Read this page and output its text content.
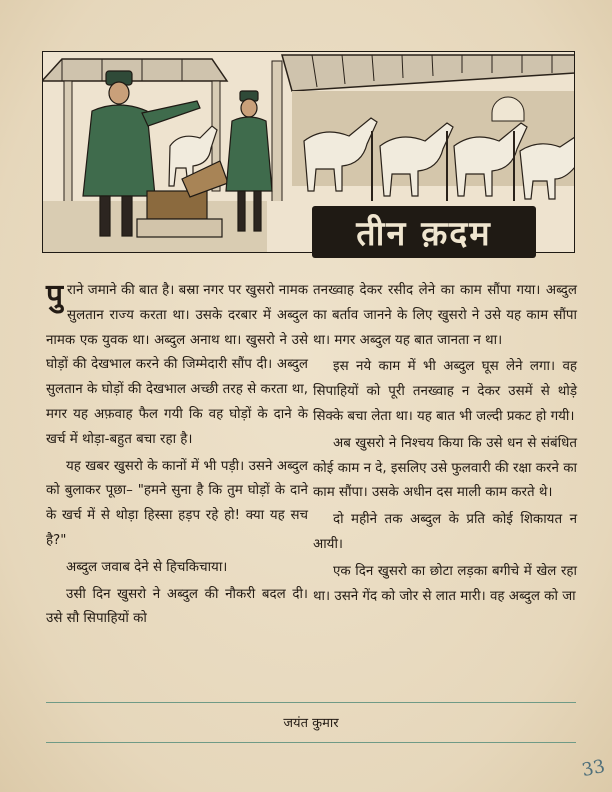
तीन क़दम

पुराने जमाने की बात है। बस्रा नगर पर खुसरो नामक सुलतान राज्य करता था। उसके दरबार में अब्दुल नामक एक युवक था। अब्दुल अनाथ था। खुसरो ने उसे घोड़ों की देखभाल करने की जिम्मेदारी सौंप दी। अब्दुल सुलतान के घोड़ों की देखभाल अच्छी तरह से करता था, मगर यह अफ़वाह फैल गयी कि वह घोड़ों के दाने के खर्च में थोड़ा-बहुत बचा रहा है।

यह खबर खुसरो के कानों में भी पड़ी। उसने अब्दुल को बुलाकर पूछा– "हमने सुना है कि तुम घोड़ों के दाने के खर्च में से थोड़ा हिस्सा हड़प रहे हो! क्या यह सच है?"

अब्दुल जवाब देने से हिचकिचाया।

उसी दिन खुसरो ने अब्दुल की नौकरी बदल दी। उसे सौ सिपाहियों को

तनख्वाह देकर रसीद लेने का काम सौंपा गया। अब्दुल का बर्ताव जानने के लिए खुसरो ने उसे यह काम सौंपा था। मगर अब्दुल यह बात जानता न था।

इस नये काम में भी अब्दुल घूस लेने लगा। वह सिपाहियों को पूरी तनख्वाह न देकर उसमें से थोड़े सिक्के बचा लेता था। यह बात भी जल्दी प्रकट हो गयी।

अब खुसरो ने निश्चय किया कि उसे धन से संबंधित कोई काम न दे, इसलिए उसे फुलवारी की रक्षा करने का काम सौंपा। उसके अधीन दस माली काम करते थे।

दो महीने तक अब्दुल के प्रति कोई शिकायत न आयी।

एक दिन खुसरो का छोटा लड़का बगीचे में खेल रहा था। उसने गेंद को जोर से लात मारी। वह अब्दुल को जा

जयंत कुमार
33
